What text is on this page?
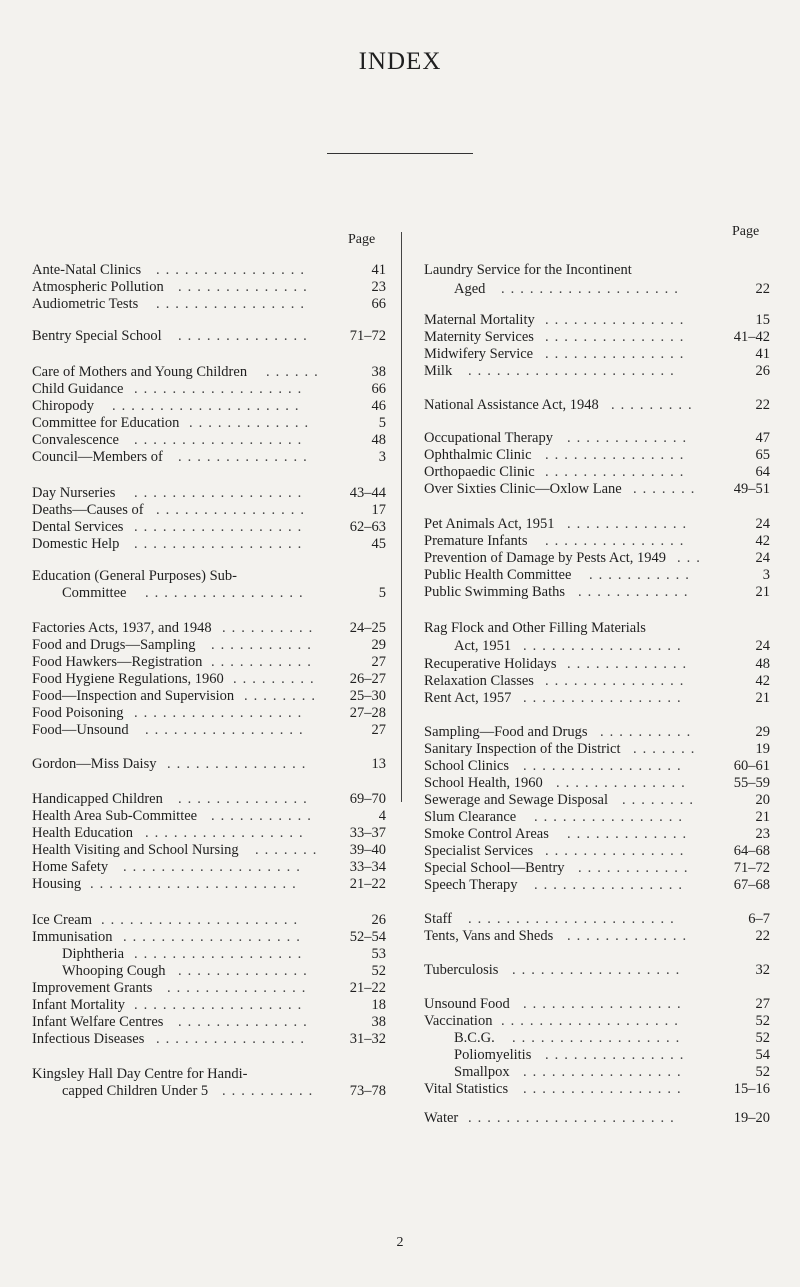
INDEX
Page
Page
Ante-Natal Clinics ................	41
Atmospheric Pollution ..............	23
Audiometric Tests ................	66
Bentry Special School ..............	71–72
Care of Mothers and Young Children ......	38
Child Guidance ..................	66
Chiropody ....................	46
Committee for Education .............	5
Convalescence ..................	48
Council—Members of ..............	3
Day Nurseries ..................	43–44
Deaths—Causes of ................	17
Dental Services ..................	62–63
Domestic Help ..................	45
Education (General Purposes) Sub-
Committee .................	5
Factories Acts, 1937, and 1948 ..........	24–25
Food and Drugs—Sampling ...........	29
Food Hawkers—Registration ...........	27
Food Hygiene Regulations, 1960 .........	26–27
Food—Inspection and Supervision ........	25–30
Food Poisoning ..................	27–28
Food—Unsound .................	27
Gordon—Miss Daisy ...............	13
Handicapped Children ..............	69–70
Health Area Sub-Committee ...........	4
Health Education .................	33–37
Health Visiting and School Nursing .......	39–40
Home Safety ...................	33–34
Housing ......................	21–22
Ice Cream .....................	26
Immunisation ...................	52–54
Diphtheria ..................	53
Whooping Cough ..............	52
Improvement Grants ...............	21–22
Infant Mortality ..................	18
Infant Welfare Centres ..............	38
Infectious Diseases ................	31–32
Kingsley Hall Day Centre for Handi-
capped Children Under 5 ..........	73–78
Laundry Service for the Incontinent
Aged ...................	22
Maternal Mortality ...............	15
Maternity Services ...............	41–42
Midwifery Service ...............	41
Milk ......................	26
National Assistance Act, 1948 .........	22
Occupational Therapy .............	47
Ophthalmic Clinic ...............	65
Orthopaedic Clinic ...............	64
Over Sixties Clinic—Oxlow Lane .......	49–51
Pet Animals Act, 1951 .............	24
Premature Infants ...............	42
Prevention of Damage by Pests Act, 1949 ...	24
Public Health Committee ...........	3
Public Swimming Baths ............	21
Rag Flock and Other Filling Materials
Act, 1951 .................	24
Recuperative Holidays .............	48
Relaxation Classes ...............	42
Rent Act, 1957 .................	21
Sampling—Food and Drugs ..........	29
Sanitary Inspection of the District .......	19
School Clinics .................	60–61
School Health, 1960 ..............	55–59
Sewerage and Sewage Disposal ........	20
Slum Clearance ................	21
Smoke Control Areas .............	23
Specialist Services ...............	64–68
Special School—Bentry ............	71–72
Speech Therapy ................	67–68
Staff ......................	6–7
Tents, Vans and Sheds .............	22
Tuberculosis ..................	32
Unsound Food .................	27
Vaccination ...................	52
B.C.G. ..................	52
Poliomyelitis ...............	54
Smallpox .................	52
Vital Statistics .................	15–16
Water ......................	19–20
2
